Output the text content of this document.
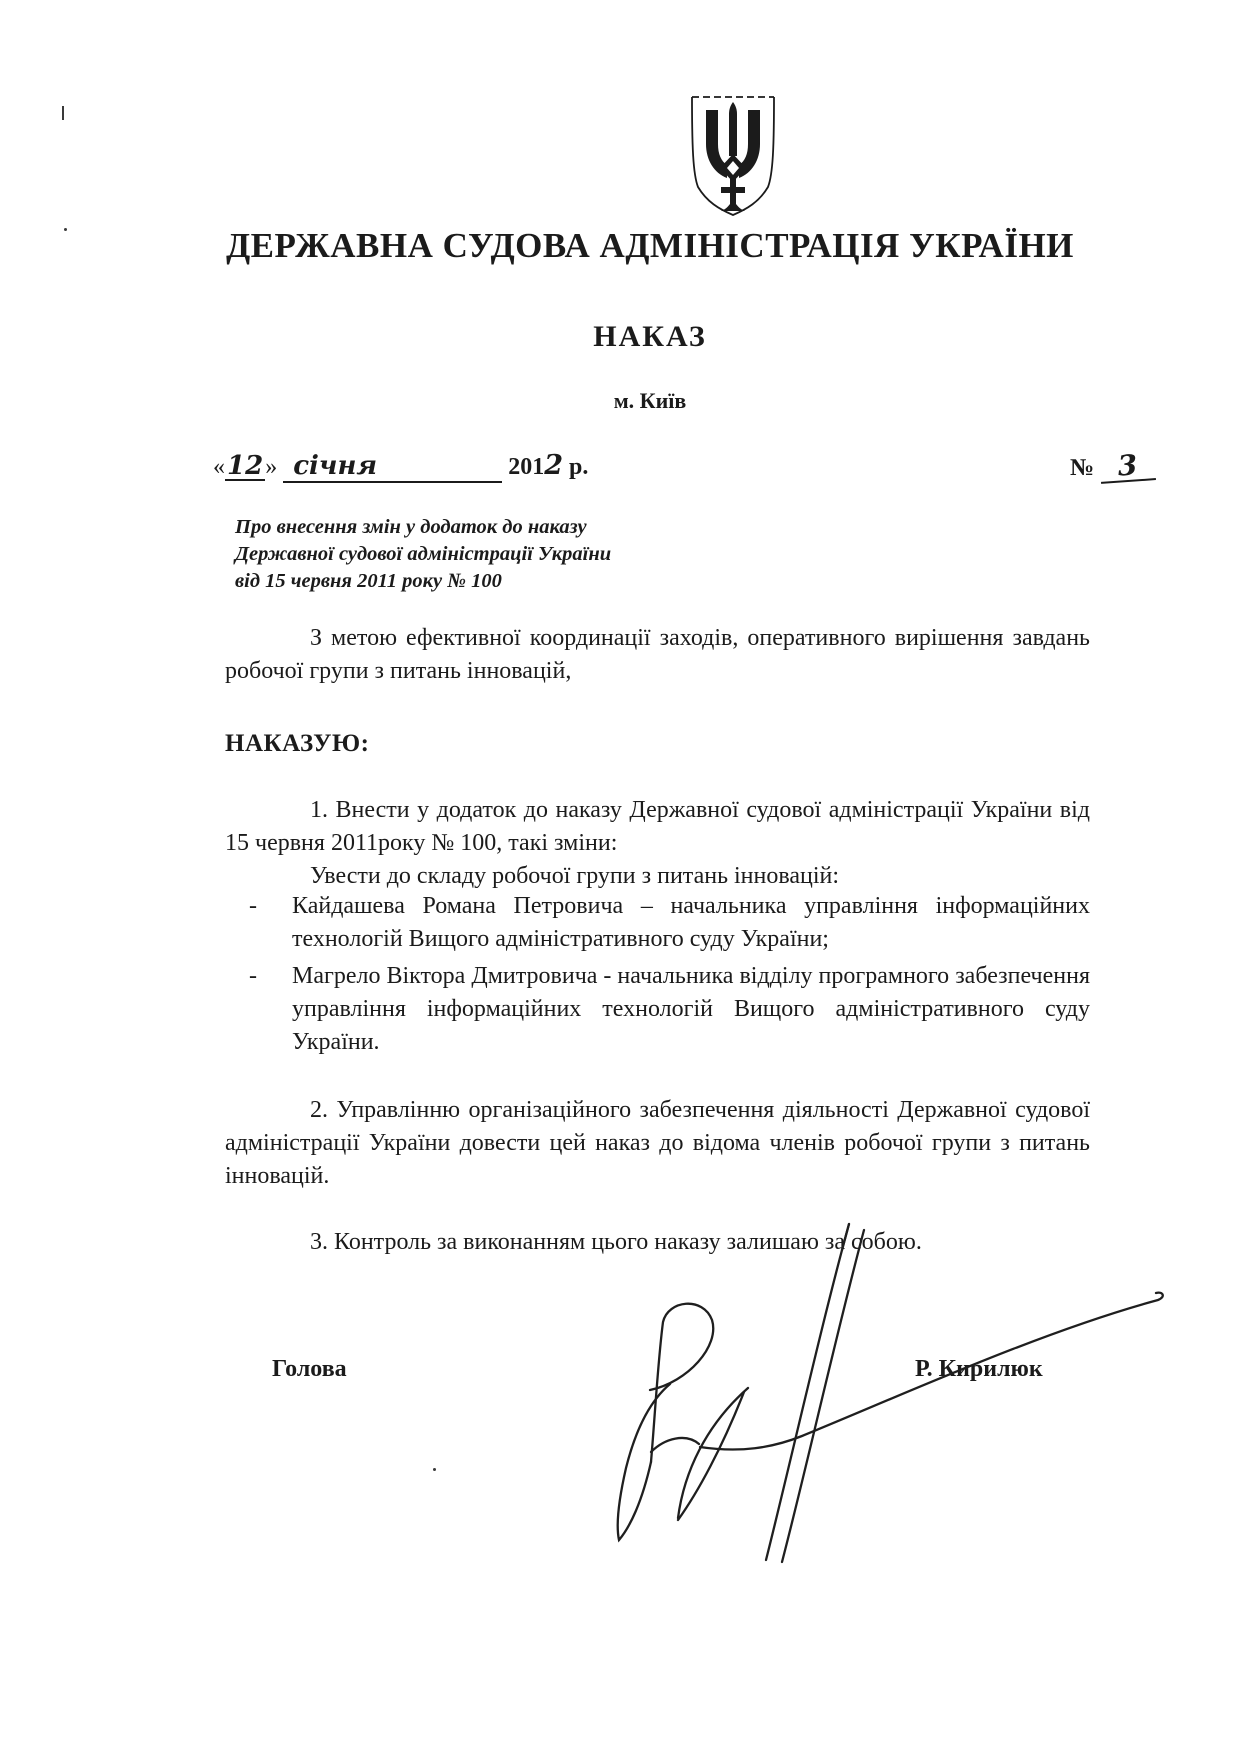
ДЕРЖАВНА СУДОВА АДМІНІСТРАЦІЯ УКРАЇНИ
НАКАЗ
м. Київ
«12» січня	2012 р.	№ 3
Про внесення змін у додаток до наказу
Державної судової адміністрації України
від 15 червня 2011 року № 100
З метою ефективної координації заходів, оперативного вирішення завдань робочої групи з питань інновацій,
НАКАЗУЮ:
1. Внести у додаток до наказу Державної судової адміністрації України від 15 червня 2011року № 100, такі зміни:
Увести до складу робочої групи з питань інновацій:
- Кайдашева Романа Петровича – начальника управління інформаційних технологій Вищого адміністративного суду України;
- Магрело Віктора Дмитровича - начальника відділу програмного забезпечення управління інформаційних технологій Вищого адміністративного суду України.
2. Управлінню організаційного забезпечення діяльності Державної судової адміністрації України довести цей наказ до відома членів робочої групи з питань інновацій.
3. Контроль за виконанням цього наказу залишаю за собою.
Голова	Р. Кирилюк
